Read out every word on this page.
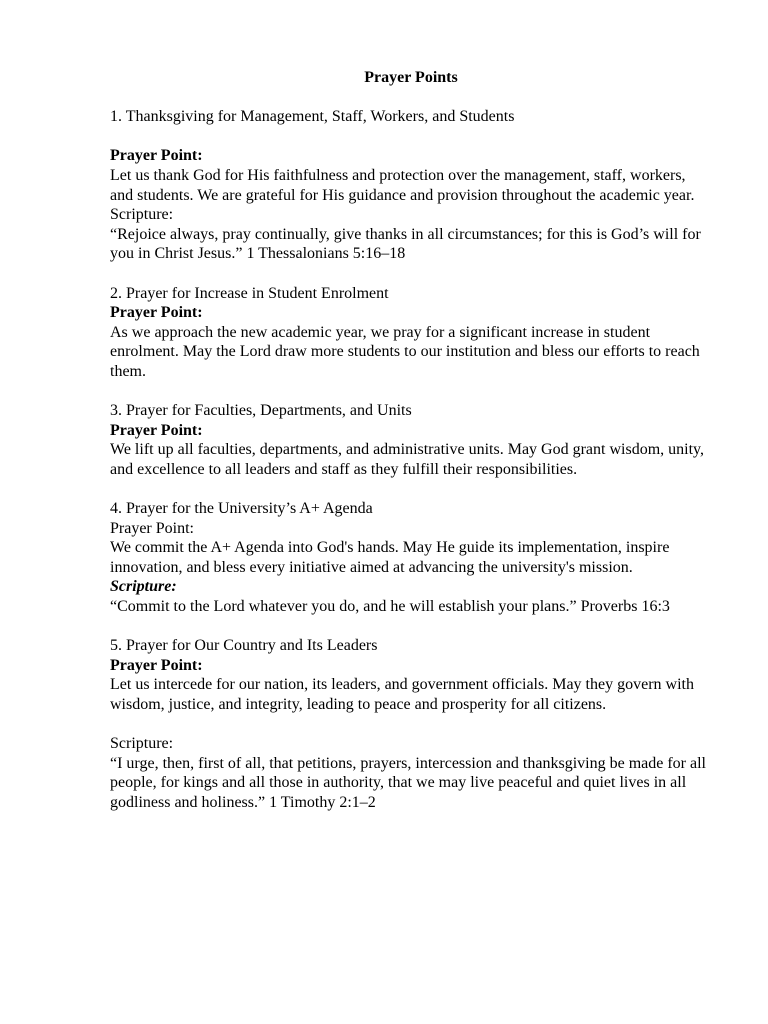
Prayer Points

1. Thanksgiving for Management, Staff, Workers, and Students

Prayer Point:

Let us thank God for His faithfulness and protection over the management, staff, workers, and students. We are grateful for His guidance and provision throughout the academic year.

Scripture:

“Rejoice always, pray continually, give thanks in all circumstances; for this is God’s will for you in Christ Jesus.” 1 Thessalonians 5:16–18

2. Prayer for Increase in Student Enrolment

Prayer Point:

As we approach the new academic year, we pray for a significant increase in student enrolment. May the Lord draw more students to our institution and bless our efforts to reach them.

3. Prayer for Faculties, Departments, and Units

Prayer Point:

We lift up all faculties, departments, and administrative units. May God grant wisdom, unity, and excellence to all leaders and staff as they fulfill their responsibilities.

4. Prayer for the University’s A+ Agenda

Prayer Point:

We commit the A+ Agenda into God's hands. May He guide its implementation, inspire innovation, and bless every initiative aimed at advancing the university's mission.

Scripture:

“Commit to the Lord whatever you do, and he will establish your plans.” Proverbs 16:3

5. Prayer for Our Country and Its Leaders

Prayer Point:

Let us intercede for our nation, its leaders, and government officials. May they govern with wisdom, justice, and integrity, leading to peace and prosperity for all citizens.

Scripture:

“I urge, then, first of all, that petitions, prayers, intercession and thanksgiving be made for all people, for kings and all those in authority, that we may live peaceful and quiet lives in all godliness and holiness.” 1 Timothy 2:1–2
